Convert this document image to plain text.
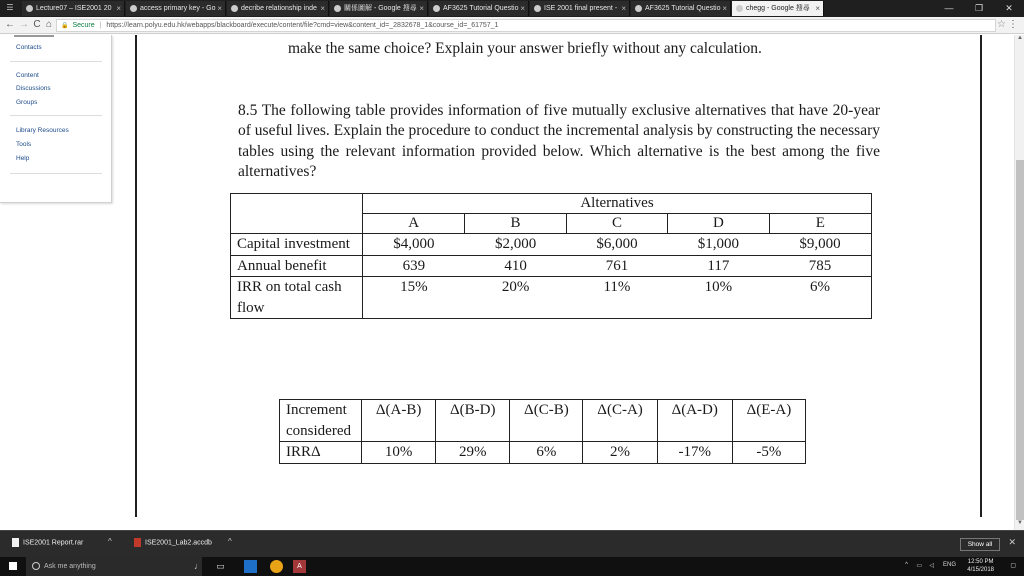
☰	Lecture07 – ISE2001 20 ×	access primary key - Go ×	decribe relationship inde ×	關係圖解 - Google 搜尋 ×	AF3625 Tutorial Questio ×	ISE 2001 final present - ×	AF3625 Tutorial Questio ×	chegg - Google 搜尋 ×	—	❐	✕
← → C ⌂	🔒 Secure | https://learn.polyu.edu.hk/webapps/blackboard/execute/content/file?cmd=view&content_id=_2832678_1&course_id=_61757_1	☆ ⋮
Contacts
Content
Discussions
Groups
Library Resources
Tools
Help
▲
▼
make the same choice? Explain your answer briefly without any calculation.

8.5 The following table provides information of five mutually exclusive alternatives that have 20-year of useful lives. Explain the procedure to conduct the incremental analysis by constructing the necessary tables using the relevant information provided below. Which alternative is the best among the five alternatives?

	Alternatives				
	A	B	C	D	E
Capital investment	$4,000	$2,000	$6,000	$1,000	$9,000
Annual benefit	639	410	761	117	785
IRR on total cash flow	15%	20%	11%	10%	6%
Increment considered	Δ(A-B)	Δ(B-D)	Δ(C-B)	Δ(C-A)	Δ(A-D)	Δ(E-A)
IRRΔ	10%	29%	6%	2%	-17%	-5%
ISE2001 Report.rar	^	ISE2001_Lab2.accdb ^	Show all	✕
Ask me anything	♩ ▭	A	^ ▭ ◁ ENG 12:50 PM
4/15/2018
▢
